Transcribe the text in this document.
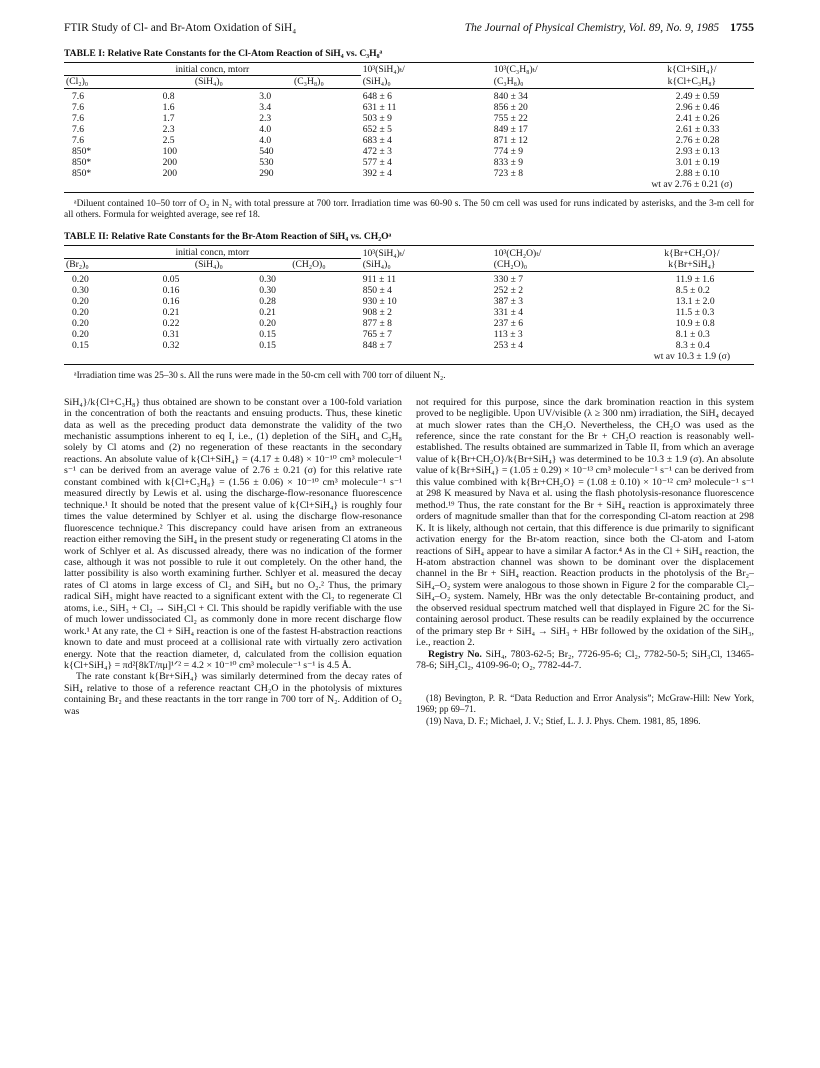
FTIR Study of Cl- and Br-Atom Oxidation of SiH₄	The Journal of Physical Chemistry, Vol. 89, No. 9, 1985 1755
TABLE I: Relative Rate Constants for the Cl-Atom Reaction of SiH₄ vs. C₃H₈ᵃ
initial concn, mtorr			10³(SiH₄)ₜ/	10³(C₃H₈)ₜ/	k{Cl+SiH₄}/
(Cl₂)₀	(SiH₄)₀	(C₃H₈)₀	(SiH₄)₀	(C₃H₈)₀	k{Cl+C₃H₈}
7.6	0.8	3.0	648 ± 6	840 ± 34	2.49 ± 0.59
7.6	1.6	3.4	631 ± 11	856 ± 20	2.96 ± 0.46
7.6	1.7	2.3	503 ± 9	755 ± 22	2.41 ± 0.26
7.6	2.3	4.0	652 ± 5	849 ± 17	2.61 ± 0.33
7.6	2.5	4.0	683 ± 4	871 ± 12	2.76 ± 0.28
850*	100	540	472 ± 3	774 ± 9	2.93 ± 0.13
850*	200	530	577 ± 4	833 ± 9	3.01 ± 0.19
850*	200	290	392 ± 4	723 ± 8	2.88 ± 0.10
					wt av 2.76 ± 0.21 (σ)
ᵃDiluent contained 10–50 torr of O₂ in N₂ with total pressure at 700 torr. Irradiation time was 60-90 s. The 50 cm cell was used for runs indicated by asterisks, and the 3-m cell for all others. Formula for weighted average, see ref 18.
TABLE II: Relative Rate Constants for the Br-Atom Reaction of SiH₄ vs. CH₂Oᵃ
initial concn, mtorr			10³(SiH₄)ₜ/	10³(CH₂O)ₜ/	k{Br+CH₂O}/
(Br₂)₀	(SiH₄)₀	(CH₂O)₀	(SiH₄)₀	(CH₂O)₀	k{Br+SiH₄}
0.20	0.05	0.30	911 ± 11	330 ± 7	11.9 ± 1.6
0.30	0.16	0.30	850 ± 4	252 ± 2	8.5 ± 0.2
0.20	0.16	0.28	930 ± 10	387 ± 3	13.1 ± 2.0
0.20	0.21	0.21	908 ± 2	331 ± 4	11.5 ± 0.3
0.20	0.22	0.20	877 ± 8	237 ± 6	10.9 ± 0.8
0.20	0.31	0.15	765 ± 7	113 ± 3	8.1 ± 0.3
0.15	0.32	0.15	848 ± 7	253 ± 4	8.3 ± 0.4
					wt av 10.3 ± 1.9 (σ)
ᵃIrradiation time was 25–30 s. All the runs were made in the 50-cm cell with 700 torr of diluent N₂.

SiH₄}/k{Cl+C₃H₈} thus obtained are shown to be constant over a 100-fold variation in the concentration of both the reactants and ensuing products. Thus, these kinetic data as well as the preceding product data demonstrate the validity of the two mechanistic assumptions inherent to eq I, i.e., (1) depletion of the SiH₄ and C₃H₈ solely by Cl atoms and (2) no regeneration of these reactants in the secondary reactions. An absolute value of k{Cl+SiH₄} = (4.17 ± 0.48) × 10⁻¹⁰ cm³ molecule⁻¹ s⁻¹ can be derived from an average value of 2.76 ± 0.21 (σ) for this relative rate constant combined with k{Cl+C₃H₈} = (1.56 ± 0.06) × 10⁻¹⁰ cm³ molecule⁻¹ s⁻¹ measured directly by Lewis et al. using the discharge-flow-resonance fluorescence technique.¹ It should be noted that the present value of k{Cl+SiH₄} is roughly four times the value determined by Schlyer et al. using the discharge flow-resonance fluorescence technique.² This discrepancy could have arisen from an extraneous reaction either removing the SiH₄ in the present study or regenerating Cl atoms in the work of Schlyer et al. As discussed already, there was no indication of the former case, although it was not possible to rule it out completely. On the other hand, the latter possibility is also worth examining further. Schlyer et al. measured the decay rates of Cl atoms in large excess of Cl₂ and SiH₄ but no O₂.² Thus, the primary radical SiH₃ might have reacted to a significant extent with the Cl₂ to regenerate Cl atoms, i.e., SiH₃ + Cl₂ → SiH₃Cl + Cl. This should be rapidly verifiable with the use of much lower undissociated Cl₂ as commonly done in more recent discharge flow work.¹ At any rate, the Cl + SiH₄ reaction is one of the fastest H-abstraction reactions known to date and must proceed at a collisional rate with virtually zero activation energy. Note that the reaction diameter, d, calculated from the collision equation k{Cl+SiH₄} = πd²[8kT/πμ]¹ᐟ² = 4.2 × 10⁻¹⁰ cm³ molecule⁻¹ s⁻¹ is 4.5 Å.

The rate constant k{Br+SiH₄} was similarly determined from the decay rates of SiH₄ relative to those of a reference reactant CH₂O in the photolysis of mixtures containing Br₂ and these reactants in the torr range in 700 torr of N₂. Addition of O₂ was

not required for this purpose, since the dark bromination reaction in this system proved to be negligible. Upon UV/visible (λ ≥ 300 nm) irradiation, the SiH₄ decayed at much slower rates than the CH₂O. Nevertheless, the CH₂O was used as the reference, since the rate constant for the Br + CH₂O reaction is reasonably well-established. The results obtained are summarized in Table II, from which an average value of k{Br+CH₂O}/k{Br+SiH₄} was determined to be 10.3 ± 1.9 (σ). An absolute value of k{Br+SiH₄} = (1.05 ± 0.29) × 10⁻¹³ cm³ molecule⁻¹ s⁻¹ can be derived from this value combined with k{Br+CH₂O} = (1.08 ± 0.10) × 10⁻¹² cm³ molecule⁻¹ s⁻¹ at 298 K measured by Nava et al. using the flash photolysis-resonance fluorescence method.¹⁹ Thus, the rate constant for the Br + SiH₄ reaction is approximately three orders of magnitude smaller than that for the corresponding Cl-atom reaction at 298 K. It is likely, although not certain, that this difference is due primarily to significant activation energy for the Br-atom reaction, since both the Cl-atom and I-atom reactions of SiH₄ appear to have a similar A factor.⁴ As in the Cl + SiH₄ reaction, the H-atom abstraction channel was shown to be dominant over the displacement channel in the Br + SiH₄ reaction. Reaction products in the photolysis of the Br₂–SiH₄–O₂ system were analogous to those shown in Figure 2 for the comparable Cl₂–SiH₄–O₂ system. Namely, HBr was the only detectable Br-containing product, and the observed residual spectrum matched well that displayed in Figure 2C for the Si-containing aerosol product. These results can be readily explained by the occurrence of the primary step Br + SiH₄ → SiH₃ + HBr followed by the oxidation of the SiH₃, i.e., reaction 2.

Registry No. SiH₄, 7803-62-5; Br₂, 7726-95-6; Cl₂, 7782-50-5; SiH₃Cl, 13465-78-6; SiH₂Cl₂, 4109-96-0; O₂, 7782-44-7.

(18) Bevington, P. R. “Data Reduction and Error Analysis”; McGraw-Hill: New York, 1969; pp 69–71.

(19) Nava, D. F.; Michael, J. V.; Stief, L. J. J. Phys. Chem. 1981, 85, 1896.
